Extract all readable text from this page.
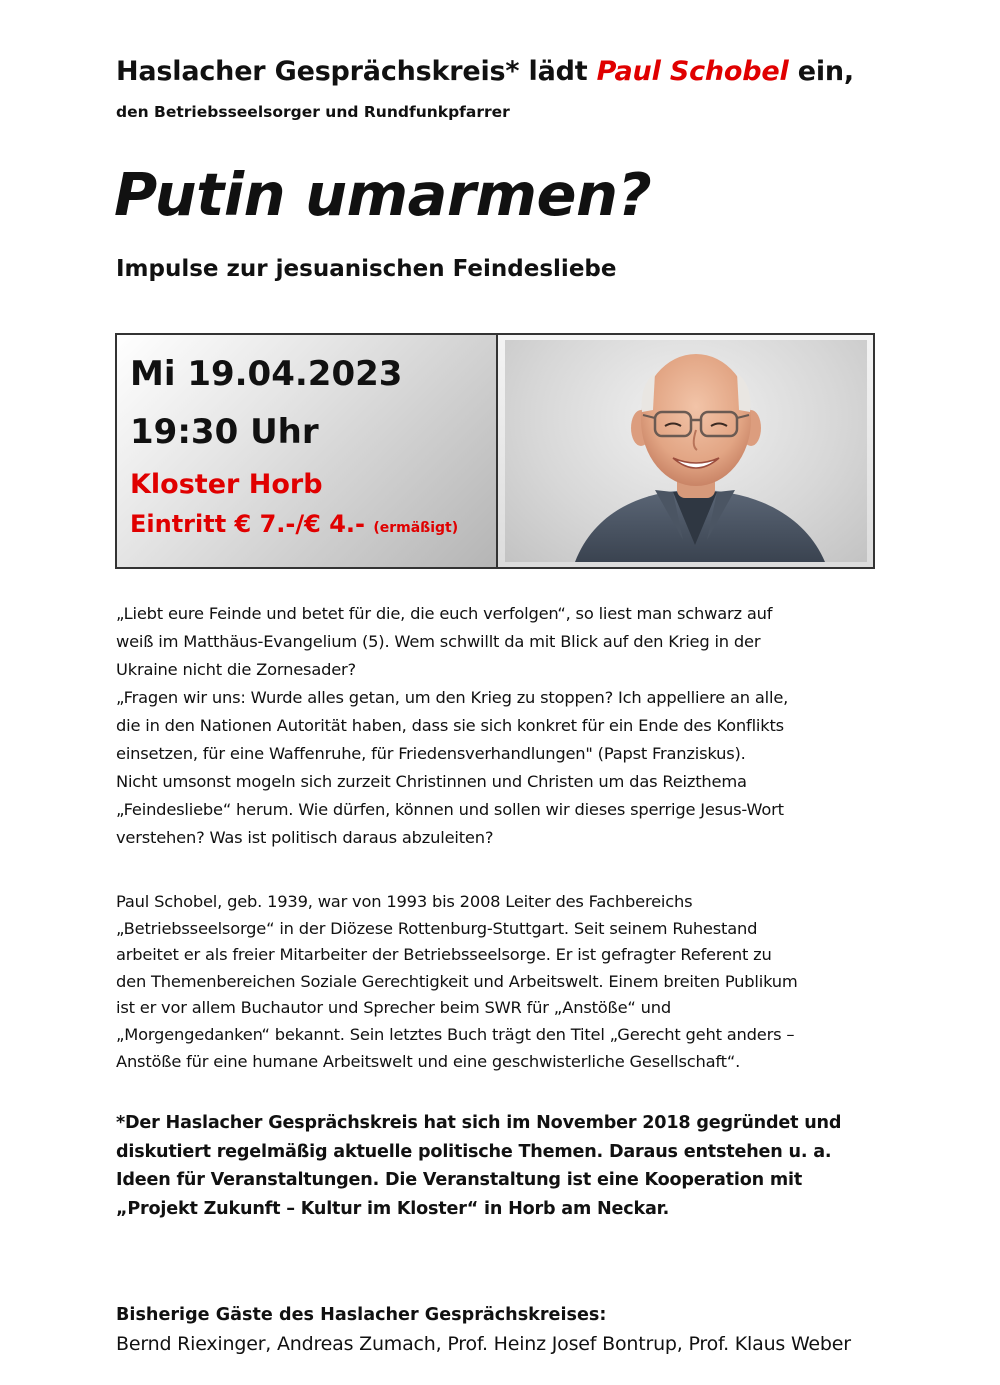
Haslacher Gesprächskreis* lädt Paul Schobel ein,
den Betriebsseelsorger und Rundfunkpfarrer
Putin umarmen?
Impulse zur jesuanischen Feindesliebe
Mi 19.04.2023
19:30 Uhr
Kloster Horb
Eintritt € 7.-/€ 4.- (ermäßigt)
„Liebt eure Feinde und betet für die, die euch verfolgen“, so liest man schwarz auf
weiß im Matthäus-Evangelium (5). Wem schwillt da mit Blick auf den Krieg in der
Ukraine nicht die Zornesader?
„Fragen wir uns: Wurde alles getan, um den Krieg zu stoppen? Ich appelliere an alle,
die in den Nationen Autorität haben, dass sie sich konkret für ein Ende des Konflikts
einsetzen, für eine Waffenruhe, für Friedensverhandlungen" (Papst Franziskus).
Nicht umsonst mogeln sich zurzeit Christinnen und Christen um das Reizthema
„Feindesliebe“ herum. Wie dürfen, können und sollen wir dieses sperrige Jesus-Wort
verstehen? Was ist politisch daraus abzuleiten?
Paul Schobel, geb. 1939, war von 1993 bis 2008 Leiter des Fachbereichs
„Betriebsseelsorge“ in der Diözese Rottenburg-Stuttgart. Seit seinem Ruhestand
arbeitet er als freier Mitarbeiter der Betriebsseelsorge. Er ist gefragter Referent zu
den Themenbereichen Soziale Gerechtigkeit und Arbeitswelt. Einem breiten Publikum
ist er vor allem Buchautor und Sprecher beim SWR für „Anstöße“ und
„Morgengedanken“ bekannt. Sein letztes Buch trägt den Titel „Gerecht geht anders –
Anstöße für eine humane Arbeitswelt und eine geschwisterliche Gesellschaft“.
*Der Haslacher Gesprächskreis hat sich im November 2018 gegründet und
diskutiert regelmäßig aktuelle politische Themen. Daraus entstehen u. a.
Ideen für Veranstaltungen. Die Veranstaltung ist eine Kooperation mit
„Projekt Zukunft – Kultur im Kloster“ in Horb am Neckar.
Bisherige Gäste des Haslacher Gesprächskreises:
Bernd Riexinger, Andreas Zumach, Prof. Heinz Josef Bontrup, Prof. Klaus Weber
